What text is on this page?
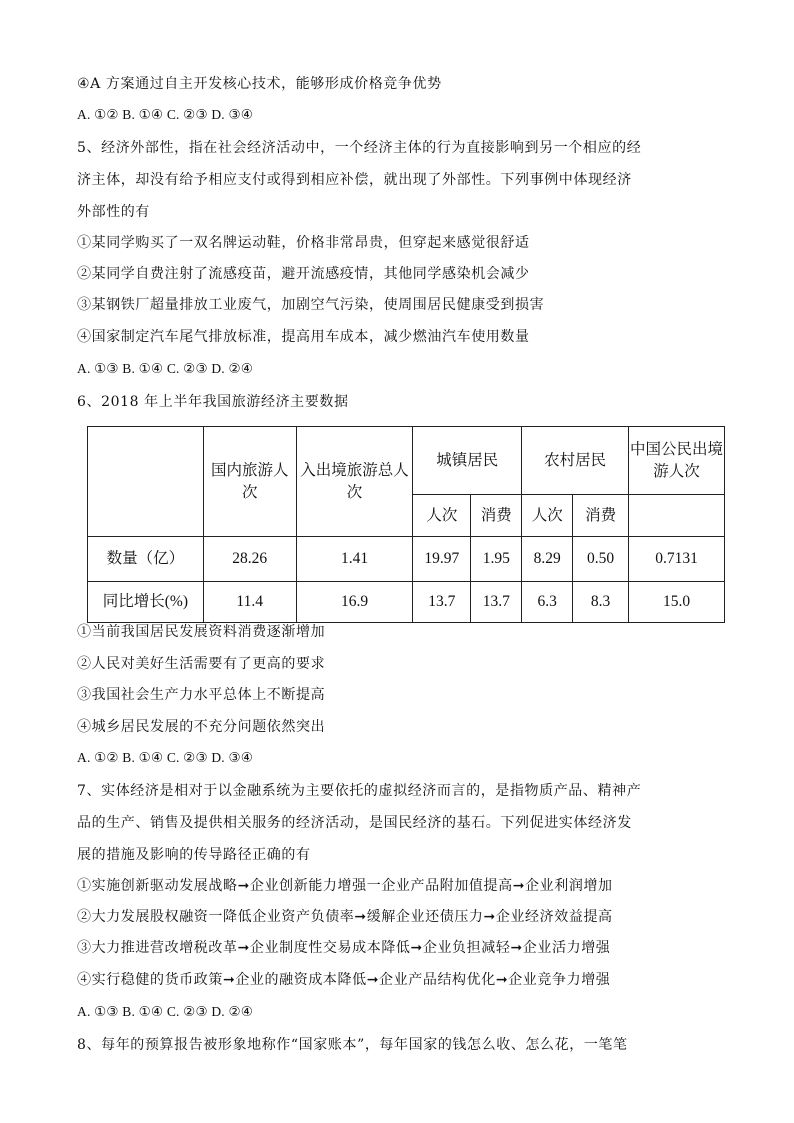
④A 方案通过自主开发核心技术，能够形成价格竞争优势
A. ①② B. ①④ C. ②③ D. ③④
5、经济外部性，指在社会经济活动中，一个经济主体的行为直接影响到另一个相应的经
济主体，却没有给予相应支付或得到相应补偿，就出现了外部性。下列事例中体现经济
外部性的有
①某同学购买了一双名牌运动鞋，价格非常昂贵，但穿起来感觉很舒适
②某同学自费注射了流感疫苗，避开流感疫情，其他同学感染机会减少
③某钢铁厂超量排放工业废气，加剧空气污染，使周围居民健康受到损害
④国家制定汽车尾气排放标准，提高用车成本，减少燃油汽车使用数量
A. ①③ B. ①④ C. ②③ D. ②④
6、2018 年上半年我国旅游经济主要数据
	国内旅游人次	入出境旅游总人次	城镇居民		农村居民		中国公民出境游人次
			人次	消费	人次	消费	
数量（亿）	28.26	1.41	19.97	1.95	8.29	0.50	0.7131
同比增长(%)	11.4	16.9	13.7	13.7	6.3	8.3	15.0
①当前我国居民发展资料消费逐渐增加
②人民对美好生活需要有了更高的要求
③我国社会生产力水平总体上不断提高
④城乡居民发展的不充分问题依然突出
A. ①② B. ①④ C. ②③ D. ③④
7、实体经济是相对于以金融系统为主要依托的虚拟经济而言的，是指物质产品、精神产
品的生产、销售及提供相关服务的经济活动，是国民经济的基石。下列促进实体经济发
展的措施及影响的传导路径正确的有
①实施创新驱动发展战略➞企业创新能力增强一企业产品附加值提高➞企业利润增加
②大力发展股权融资一降低企业资产负债率➞缓解企业还债压力➞企业经济效益提高
③大力推进营改增税改革➞企业制度性交易成本降低➞企业负担减轻➞企业活力增强
④实行稳健的货币政策➞企业的融资成本降低➞企业产品结构优化➞企业竞争力增强
A. ①③ B. ①④ C. ②③ D. ②④
8、每年的预算报告被形象地称作“国家账本”，每年国家的钱怎么收、怎么花，一笔笔
